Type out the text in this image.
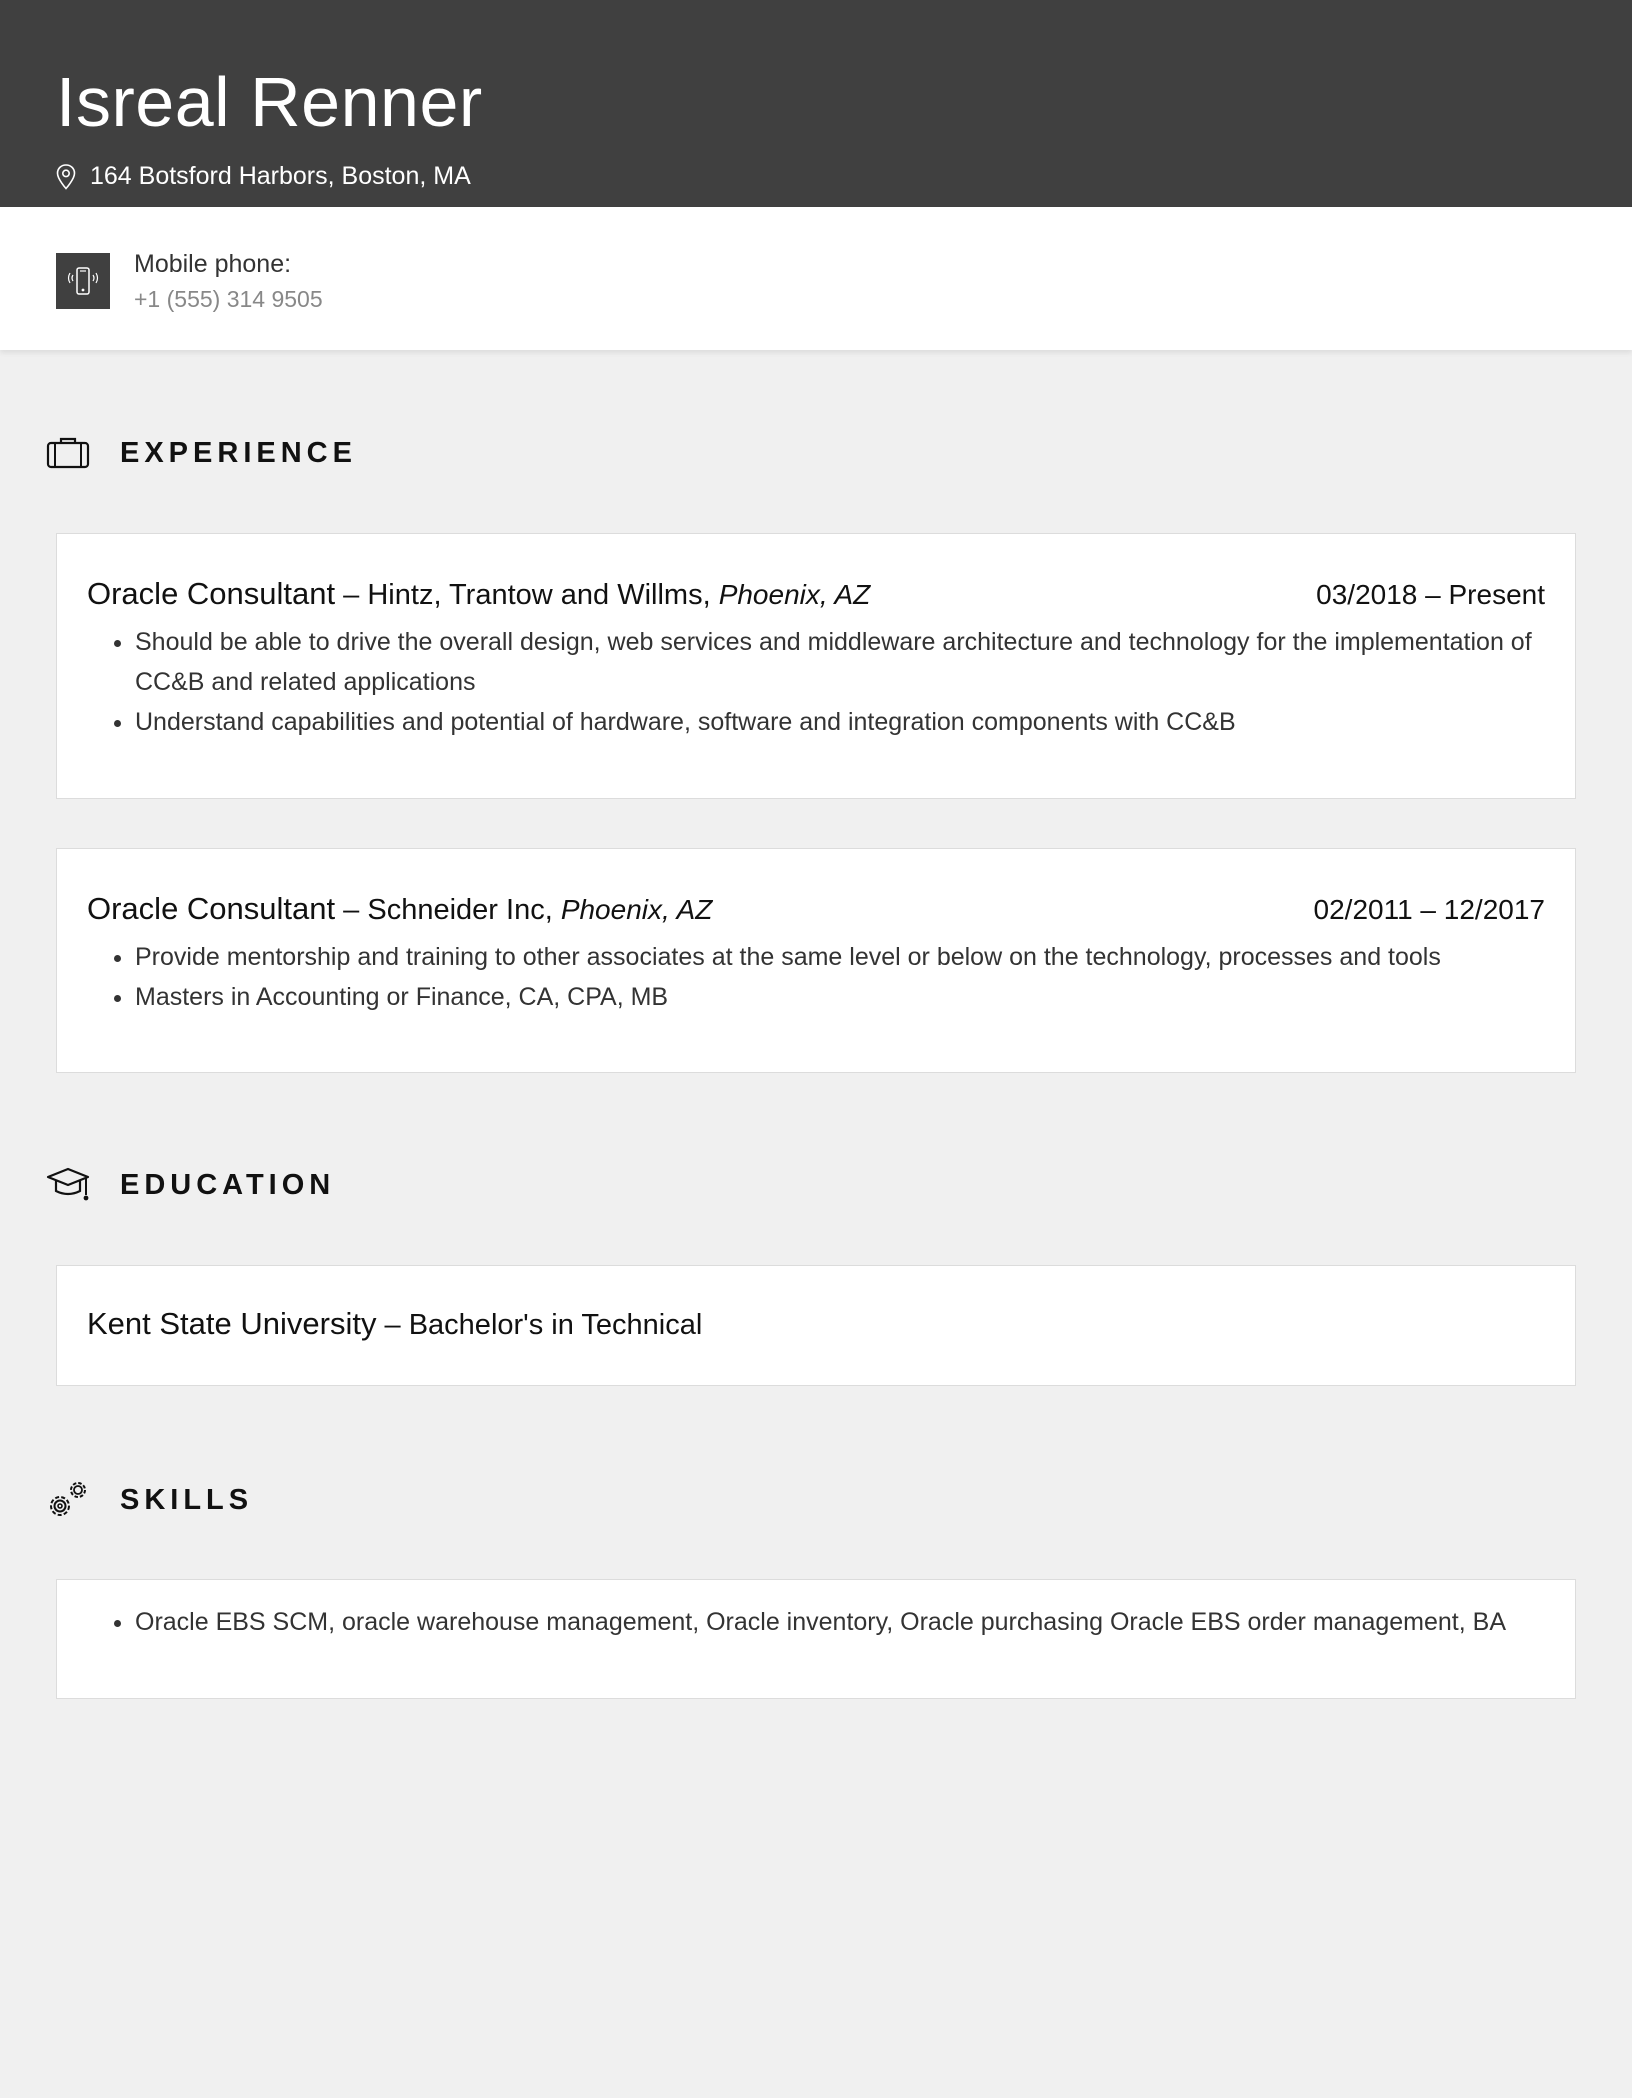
Isreal Renner
164 Botsford Harbors, Boston, MA
Mobile phone:
+1 (555) 314 9505
EXPERIENCE
Oracle Consultant – Hintz, Trantow and Willms, Phoenix, AZ	03/2018 – Present
• Should be able to drive the overall design, web services and middleware architecture and technology for the implementation of CC&B and related applications
• Understand capabilities and potential of hardware, software and integration components with CC&B
Oracle Consultant – Schneider Inc, Phoenix, AZ	02/2011 – 12/2017
• Provide mentorship and training to other associates at the same level or below on the technology, processes and tools
• Masters in Accounting or Finance, CA, CPA, MB
EDUCATION
Kent State University – Bachelor's in Technical
SKILLS
• Oracle EBS SCM, oracle warehouse management, Oracle inventory, Oracle purchasing Oracle EBS order management, BA
